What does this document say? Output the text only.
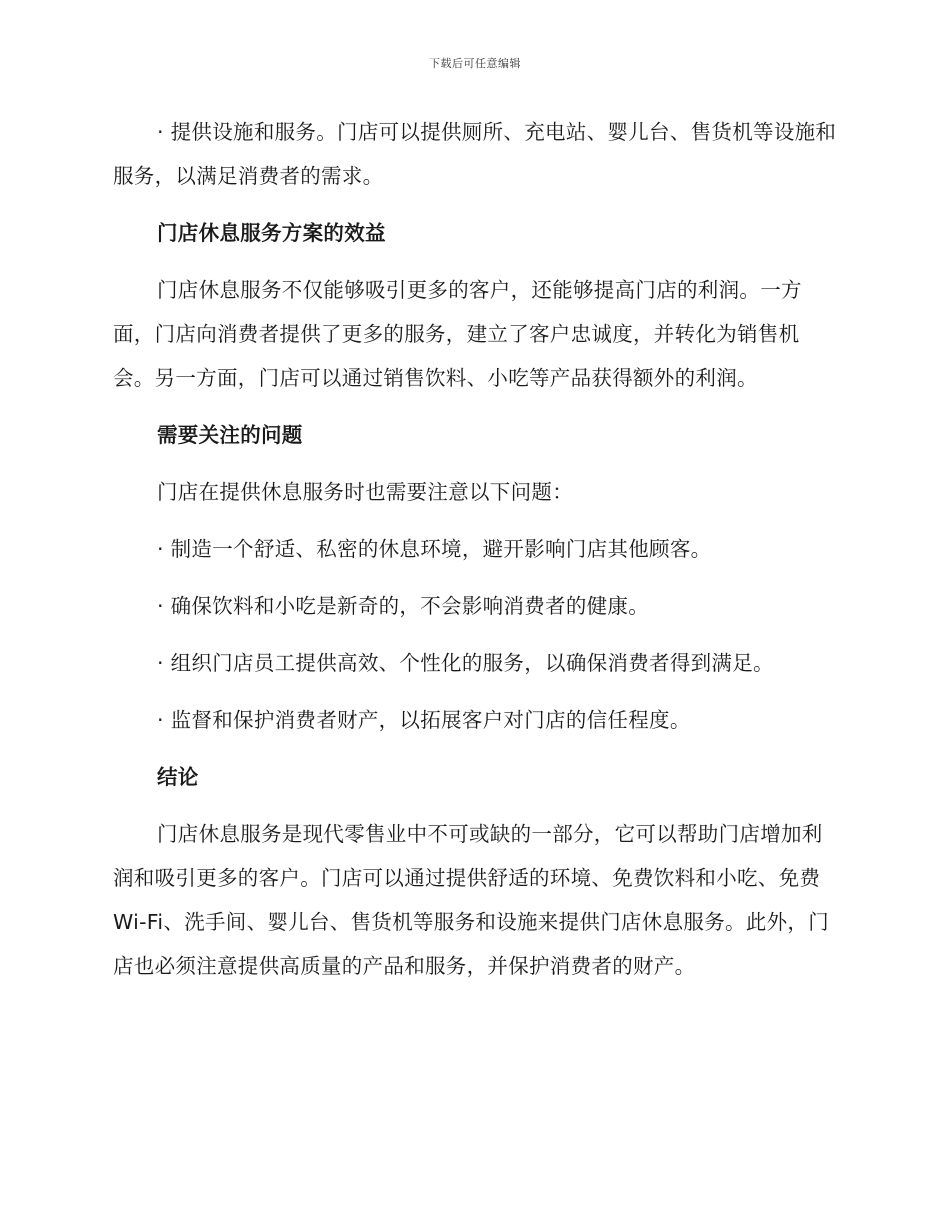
下载后可任意编辑

· 提供设施和服务。门店可以提供厕所、充电站、婴儿台、售货机等设施和服务，以满足消费者的需求。

门店休息服务方案的效益

门店休息服务不仅能够吸引更多的客户，还能够提高门店的利润。一方面，门店向消费者提供了更多的服务，建立了客户忠诚度，并转化为销售机会。另一方面，门店可以通过销售饮料、小吃等产品获得额外的利润。

需要关注的问题

门店在提供休息服务时也需要注意以下问题：

· 制造一个舒适、私密的休息环境，避开影响门店其他顾客。
· 确保饮料和小吃是新奇的，不会影响消费者的健康。
· 组织门店员工提供高效、个性化的服务，以确保消费者得到满足。
· 监督和保护消费者财产，以拓展客户对门店的信任程度。
结论

门店休息服务是现代零售业中不可或缺的一部分，它可以帮助门店增加利润和吸引更多的客户。门店可以通过提供舒适的环境、免费饮料和小吃、免费 Wi-Fi、洗手间、婴儿台、售货机等服务和设施来提供门店休息服务。此外，门店也必须注意提供高质量的产品和服务，并保护消费者的财产。
